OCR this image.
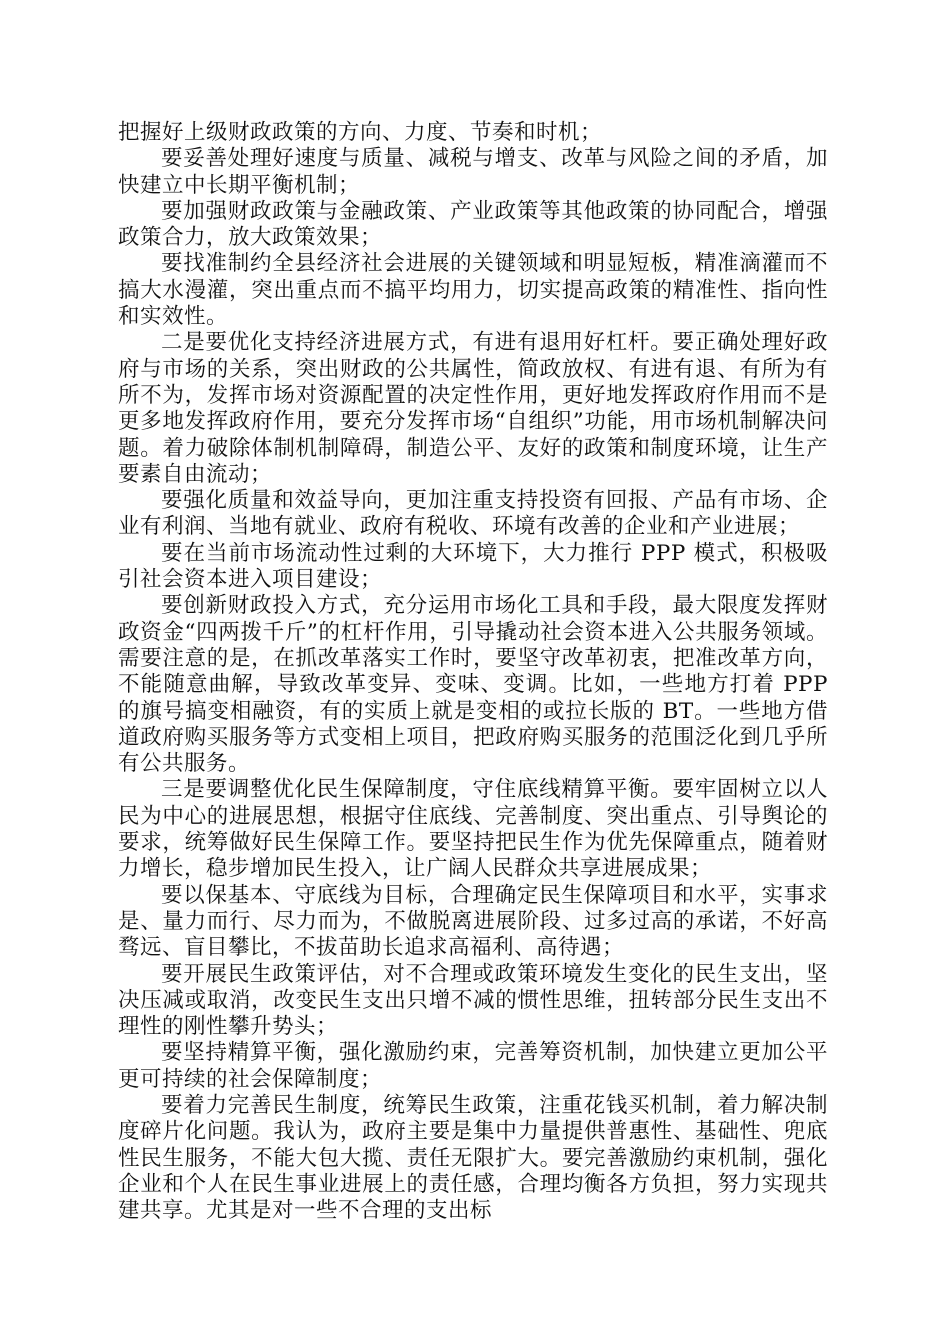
把握好上级财政政策的方向、力度、节奏和时机；

要妥善处理好速度与质量、减税与增支、改革与风险之间的矛盾，加快建立中长期平衡机制；

要加强财政政策与金融政策、产业政策等其他政策的协同配合，增强政策合力，放大政策效果；

要找准制约全县经济社会进展的关键领域和明显短板，精准滴灌而不搞大水漫灌，突出重点而不搞平均用力，切实提高政策的精准性、指向性和实效性。

二是要优化支持经济进展方式，有进有退用好杠杆。要正确处理好政府与市场的关系，突出财政的公共属性，简政放权、有进有退、有所为有所不为，发挥市场对资源配置的决定性作用，更好地发挥政府作用而不是更多地发挥政府作用，要充分发挥市场“自组织”功能，用市场机制解决问题。着力破除体制机制障碍，制造公平、友好的政策和制度环境，让生产要素自由流动；

要强化质量和效益导向，更加注重支持投资有回报、产品有市场、企业有利润、当地有就业、政府有税收、环境有改善的企业和产业进展；

要在当前市场流动性过剩的大环境下，大力推行 PPP 模式，积极吸引社会资本进入项目建设；

要创新财政投入方式，充分运用市场化工具和手段，最大限度发挥财政资金“四两拨千斤”的杠杆作用，引导撬动社会资本进入公共服务领域。需要注意的是，在抓改革落实工作时，要坚守改革初衷，把准改革方向，不能随意曲解，导致改革变异、变味、变调。比如，一些地方打着 PPP 的旗号搞变相融资，有的实质上就是变相的或拉长版的 BT。一些地方借道政府购买服务等方式变相上项目，把政府购买服务的范围泛化到几乎所有公共服务。

三是要调整优化民生保障制度，守住底线精算平衡。要牢固树立以人民为中心的进展思想，根据守住底线、完善制度、突出重点、引导舆论的要求，统筹做好民生保障工作。要坚持把民生作为优先保障重点，随着财力增长，稳步增加民生投入，让广阔人民群众共享进展成果；

要以保基本、守底线为目标，合理确定民生保障项目和水平，实事求是、量力而行、尽力而为，不做脱离进展阶段、过多过高的承诺，不好高骛远、盲目攀比，不拔苗助长追求高福利、高待遇；

要开展民生政策评估，对不合理或政策环境发生变化的民生支出，坚决压减或取消，改变民生支出只增不减的惯性思维，扭转部分民生支出不理性的刚性攀升势头；

要坚持精算平衡，强化激励约束，完善筹资机制，加快建立更加公平更可持续的社会保障制度；

要着力完善民生制度，统筹民生政策，注重花钱买机制，着力解决制度碎片化问题。我认为，政府主要是集中力量提供普惠性、基础性、兜底性民生服务，不能大包大揽、责任无限扩大。要完善激励约束机制，强化企业和个人在民生事业进展上的责任感，合理均衡各方负担，努力实现共建共享。尤其是对一些不合理的支出标
